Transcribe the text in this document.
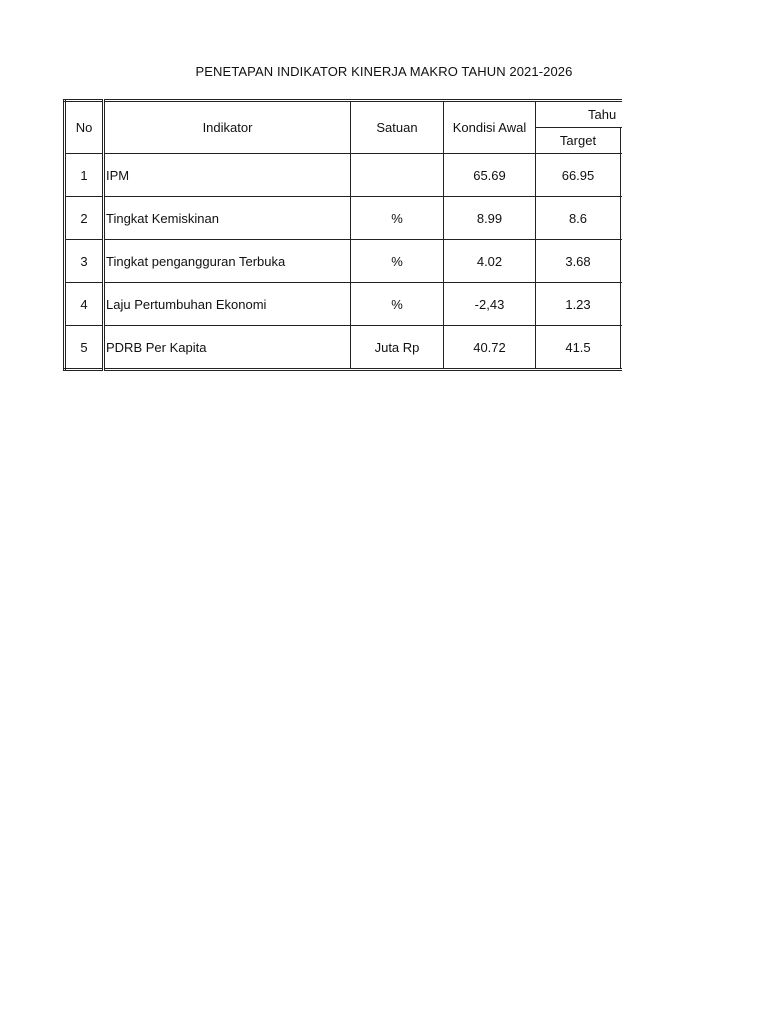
PENETAPAN INDIKATOR KINERJA MAKRO TAHUN 2021-2026
No	Indikator	Satuan	Kondisi Awal	Tahu	
				Target	
1	IPM		65.69	66.95	
2	Tingkat Kemiskinan	%	8.99	8.6	
3	Tingkat pengangguran Terbuka	%	4.02	3.68	
4	Laju Pertumbuhan Ekonomi	%	-2,43	1.23	
5	PDRB Per Kapita	Juta Rp	40.72	41.5	
